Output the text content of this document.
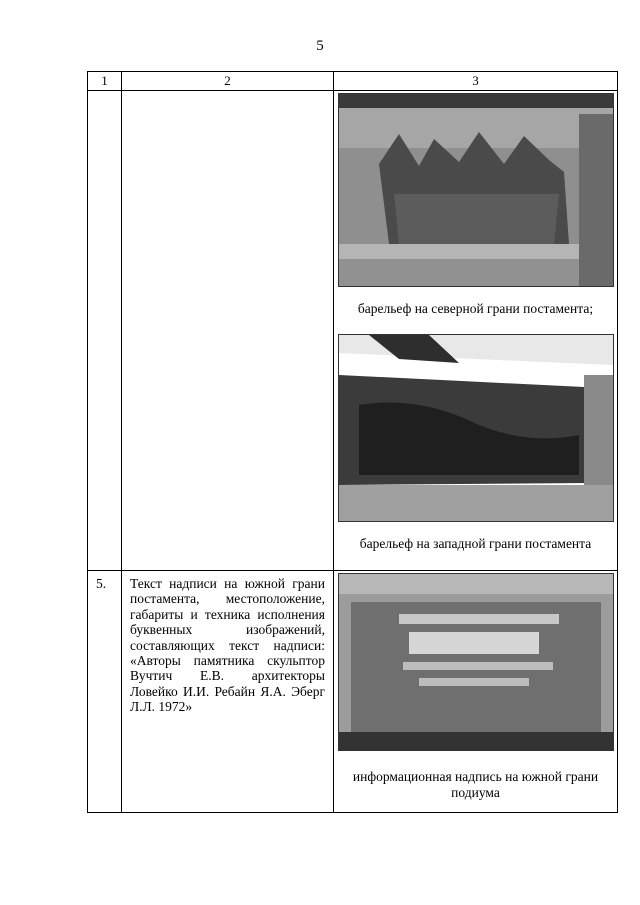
5
1	2	3

		барельеф на северной грани постамента;
барельеф на западной грани постамента

5.	Текст надписи на южной грани постамента, местоположение, габариты и техника исполнения буквенных изображений, составляющих текст надписи: «Авторы памятника скульптор Вучтич Е.В. архитекторы Ловейко И.И. Ребайн Я.А. Эберг Л.Л. 1972»	информационная надпись на южной грани подиума
